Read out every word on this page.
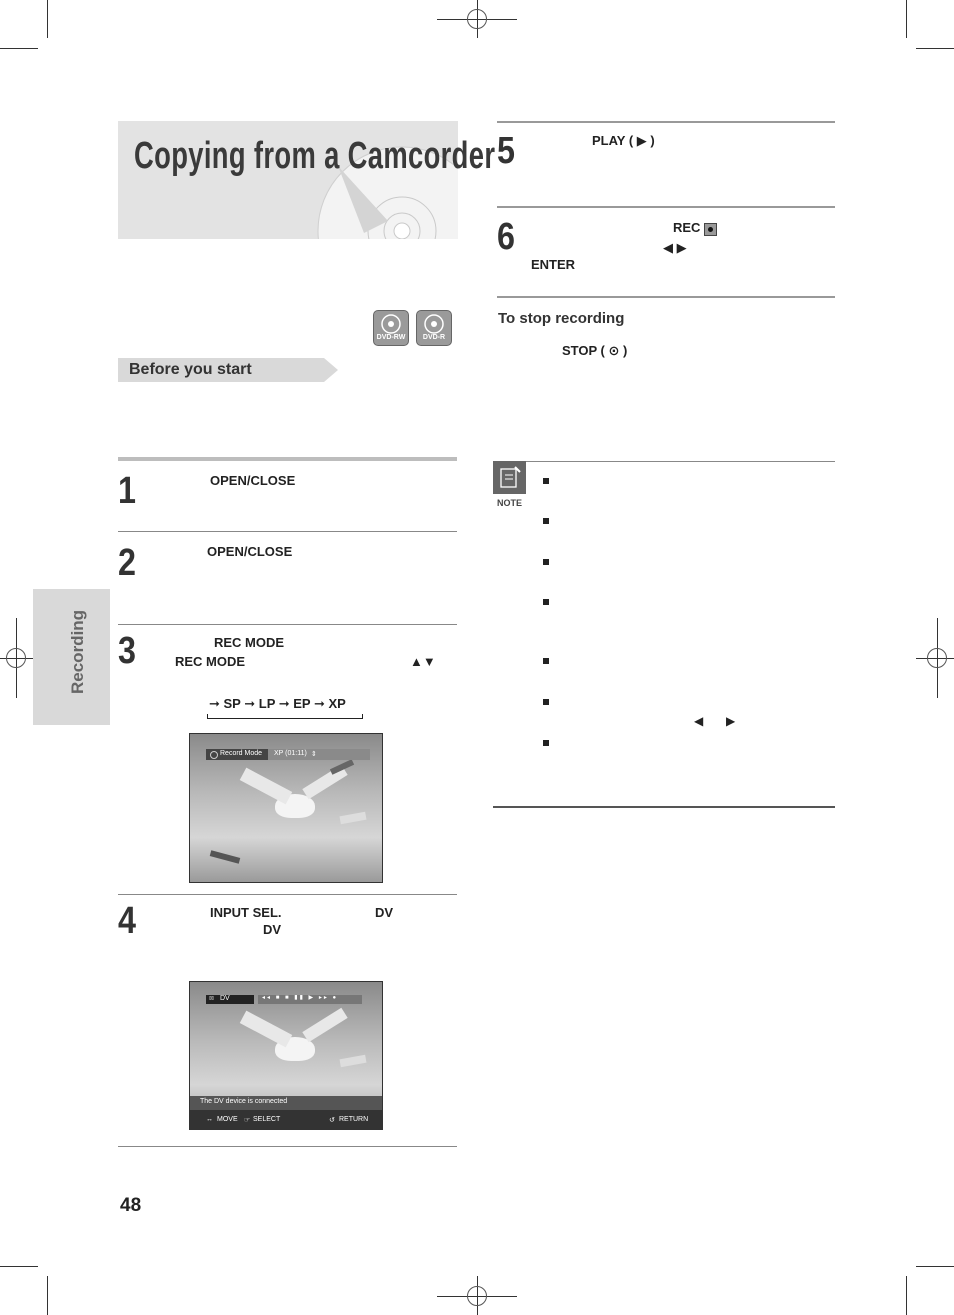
Copying from a Camcorder
DVD-RW	DVD-R
Before you start
Recording
1	OPEN/CLOSE
2	OPEN/CLOSE
3	REC MODE
REC MODE	▲▼
➞ SP ➞ LP ➞ EP ➞ XP
Record Mode XP (01:11) ⇕
4	INPUT SEL.	DV
DV
⊠ DV	◂◂ ■ ■ ▮▮ ▶ ▸▸ ●
The DV device is connected
↔ MOVE ☞ SELECT	↺ RETURN
48
5	PLAY ( ▶ )
6	REC
◀ ▶
ENTER
To stop recording
STOP ( ⊙ )
NOTE
◀ ▶
